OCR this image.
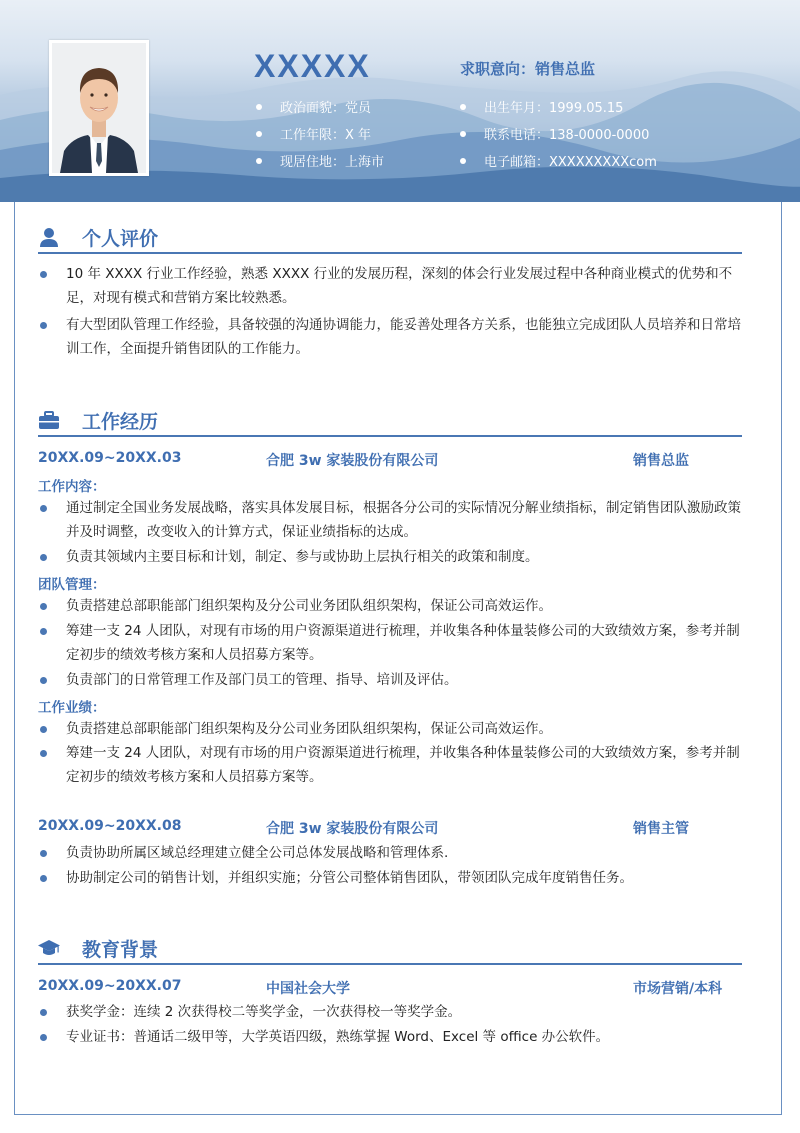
XXXXX	求职意向：销售总监
政治面貌：党员	出生年月：1999.05.15
工作年限：X 年	联系电话：138-0000-0000
现居住地：上海市	电子邮箱：XXXXXXXXXcom
个人评价
10 年 XXXX 行业工作经验，熟悉 XXXX 行业的发展历程，深刻的体会行业发展过程中各种商业模式的优势和不足，对现有模式和营销方案比较熟悉。
有大型团队管理工作经验，具备较强的沟通协调能力，能妥善处理各方关系，也能独立完成团队人员培养和日常培训工作，全面提升销售团队的工作能力。
工作经历
20XX.09~20XX.03	合肥 3w 家装股份有限公司	销售总监
工作内容：
通过制定全国业务发展战略，落实具体发展目标，根据各分公司的实际情况分解业绩指标，制定销售团队激励政策并及时调整，改变收入的计算方式，保证业绩指标的达成。
负责其领域内主要目标和计划，制定、参与或协助上层执行相关的政策和制度。
团队管理：
负责搭建总部职能部门组织架构及分公司业务团队组织架构，保证公司高效运作。
筹建一支 24 人团队，对现有市场的用户资源渠道进行梳理，并收集各种体量装修公司的大致绩效方案，参考并制定初步的绩效考核方案和人员招募方案等。
负责部门的日常管理工作及部门员工的管理、指导、培训及评估。
工作业绩：
负责搭建总部职能部门组织架构及分公司业务团队组织架构，保证公司高效运作。
筹建一支 24 人团队，对现有市场的用户资源渠道进行梳理，并收集各种体量装修公司的大致绩效方案，参考并制定初步的绩效考核方案和人员招募方案等。
20XX.09~20XX.08	合肥 3w 家装股份有限公司	销售主管
负责协助所属区域总经理建立健全公司总体发展战略和管理体系.
协助制定公司的销售计划，并组织实施；分管公司整体销售团队，带领团队完成年度销售任务。
教育背景
20XX.09~20XX.07	中国社会大学	市场营销/本科
获奖学金：连续 2 次获得校二等奖学金，一次获得校一等奖学金。
专业证书：普通话二级甲等，大学英语四级，熟练掌握 Word、Excel 等 office 办公软件。
